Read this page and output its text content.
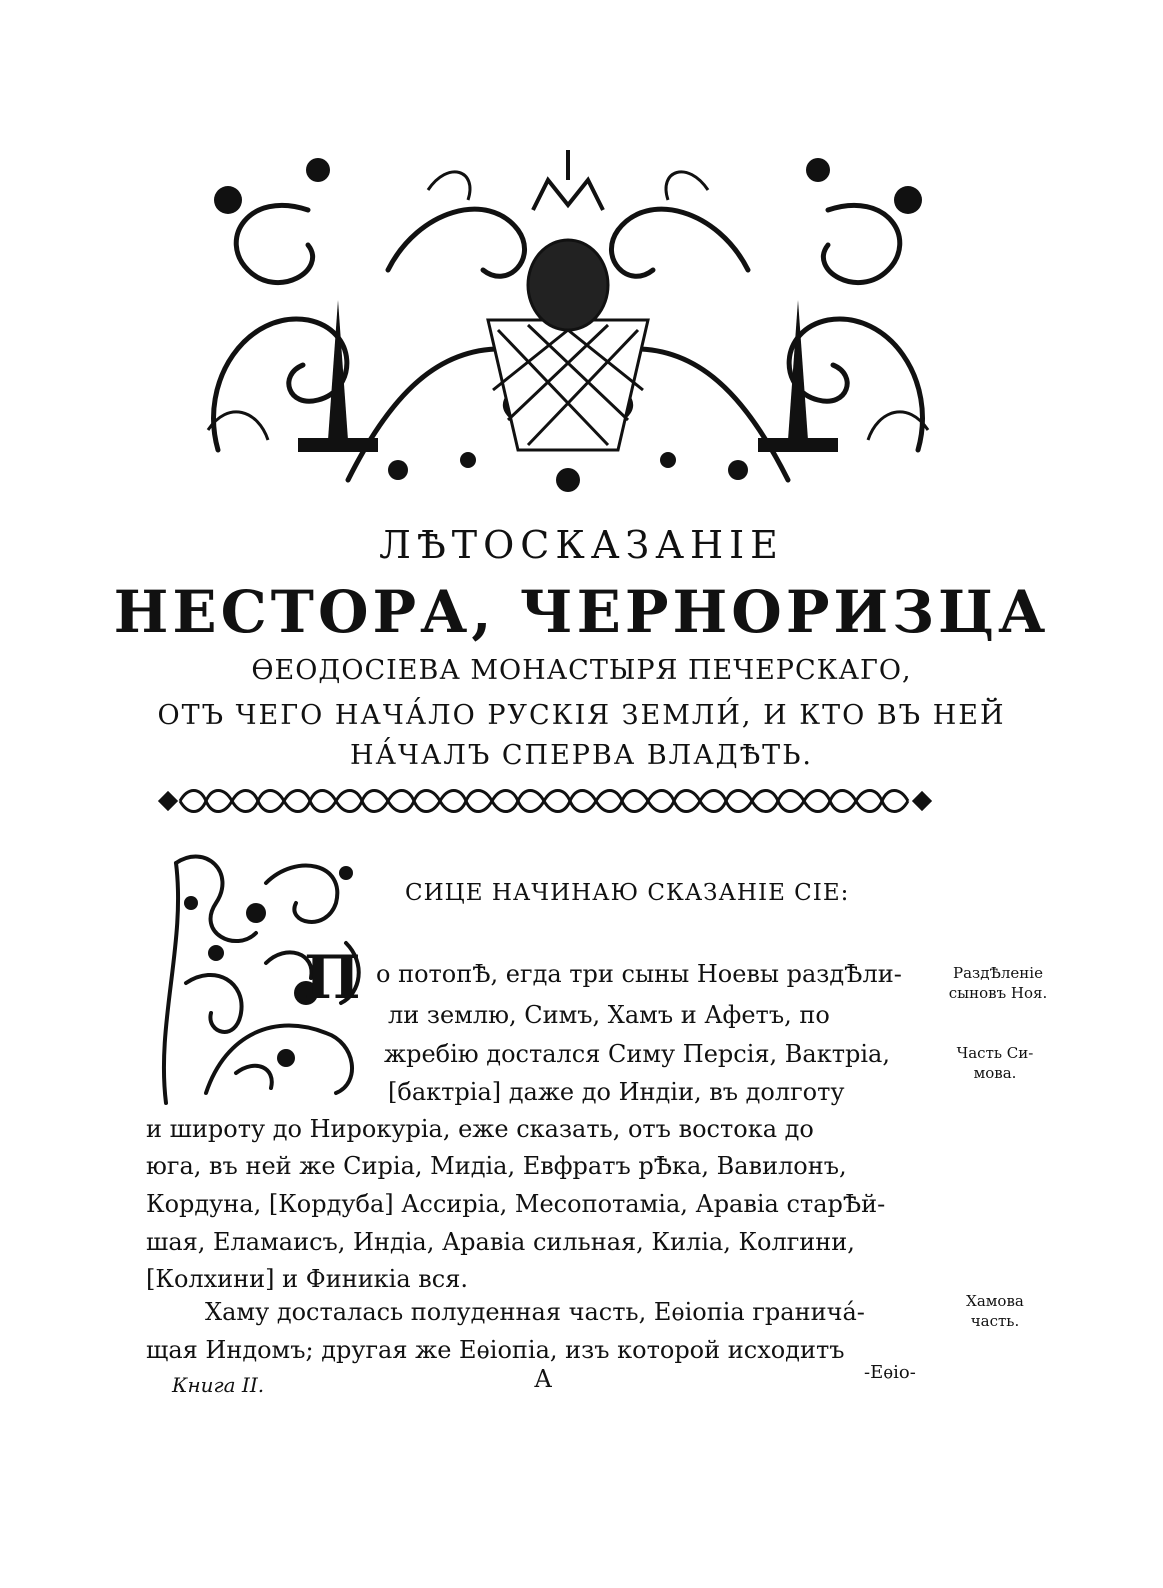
ЛѢТОСКАЗАНIЕ
НЕСТОРА, ЧЕРНОРИЗЦА
ѲЕОДОСIЕВА МОНАСТЫРЯ ПЕЧЕРСКАГО,
ОТЪ ЧЕГО НАЧА́ЛО РУСКIЯ ЗЕМЛИ́, И КТО ВЪ НЕЙ
НА́ЧАЛЪ СПЕРВА ВЛАДѢТЬ.
П
СИЦЕ НАЧИНАЮ СКАЗАНIЕ СIЕ:
о потопѢ, егда три сыны Ноевы раздѢли-
ли землю, Симъ, Хамъ и Афетъ, по
жребiю достался Симу Персiя, Вактрiа,
[бактрiа] даже до Индiи, въ долготу
и широту до Нирокурiа, еже сказать, отъ востока до
юга, въ ней же Сирiа, Мидiа, Евфратъ рѢка, Вавилонъ,
Кордуна, [Кордуба] Ассирiа, Месопотамiа, Аравiа старѢй-
шая, Еламаисъ, Индiа, Аравiа сильная, Килiа, Колгини,
[Колхини] и Финикiа вся.
Хаму досталась полуденная часть, Еѳiопiа граничá-
щая Индомъ; другая же Еѳiопiа, изъ которой исходитъ
РаздѢленiе
сыновъ Ноя.
Часть Си-
мова.
Хамова
часть.
Книга II.	А	-Еѳiо-
